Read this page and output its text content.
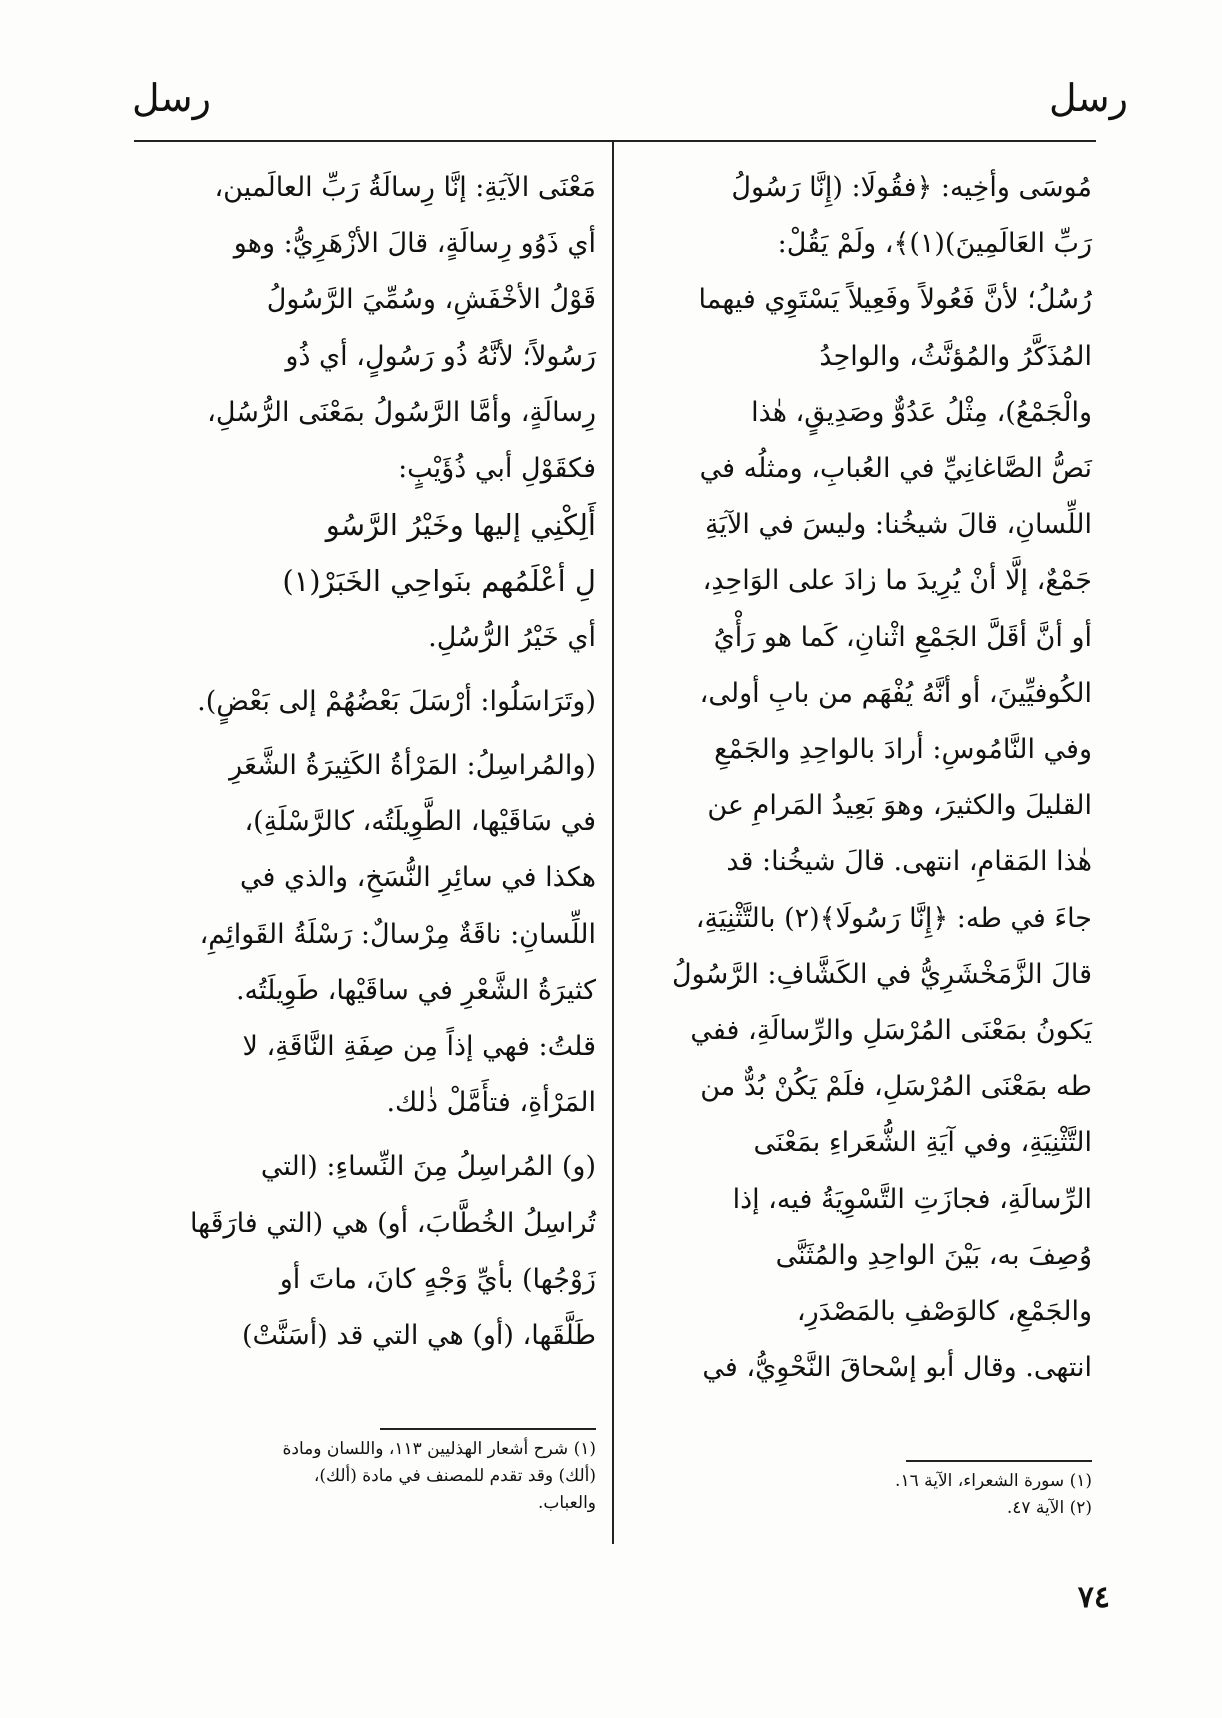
رسل
رسل

مُوسَى وأخِيه: ﴿فقُولَا: (إِنَّا رَسُولُ

رَبِّ العَالَمِينَ)(١)﴾، ولَمْ يَقُلْ:

رُسُلُ؛ لأنَّ فَعُولاً وفَعِيلاً يَسْتَوِي فيهما

المُذَكَّرُ والمُؤنَّثُ، والواحِدُ

والْجَمْعُ)، مِثْلُ عَدُوٌّ وصَدِيقٍ، هٰذا

نَصُّ الصَّاغانِيِّ في العُبابِ، ومثلُه في

اللِّسانِ، قالَ شيخُنا: وليسَ في الآيَةِ

جَمْعٌ، إلَّا أنْ يُرِيدَ ما زادَ على الوَاحِدِ،

أو أنَّ أقَلَّ الجَمْعِ اثْنانِ، كَما هو رَأْيُ

الكُوفيِّينَ، أو أنَّهُ يُفْهَم من بابِ أولى،

وفي النَّامُوسِ: أرادَ بالواحِدِ والجَمْعِ

القليلَ والكثيرَ، وهوَ بَعِيدُ المَرامِ عن

هٰذا المَقامِ، انتهى. قالَ شيخُنا: قد

جاءَ في طه: ﴿إِنَّا رَسُولَا﴾(٢) بالتَّثْنِيَةِ،

قالَ الزَّمَخْشَرِيُّ في الكَشَّافِ: الرَّسُولُ

يَكونُ بمَعْنَى المُرْسَلِ والرِّسالَةِ، ففي

طه بمَعْنَى المُرْسَلِ، فلَمْ يَكُنْ بُدٌّ من

التَّثْنِيَةِ، وفي آيَةِ الشُّعَراءِ بمَعْنَى

الرِّسالَةِ، فجازَتِ التَّسْوِيَةُ فيه، إذا

وُصِفَ به، بَيْنَ الواحِدِ والمُثَنَّى

والجَمْعِ، كالوَصْفِ بالمَصْدَرِ،

انتهى. وقال أبو إسْحاقَ النَّحْوِيُّ، في

مَعْنَى الآيَةِ: إنَّا رِسالَةُ رَبِّ العالَمين،

أي ذَوُو رِسالَةٍ، قالَ الأزْهَرِيُّ: وهو

قَوْلُ الأخْفَشِ، وسُمِّيَ الرَّسُولُ

رَسُولاً؛ لأنَّهُ ذُو رَسُولٍ، أي ذُو

رِسالَةٍ، وأمَّا الرَّسُولُ بمَعْنَى الرُّسُلِ،

فكقَوْلِ أبي ذُؤَيْبٍ:

أَلِكْنِي إليها وخَيْرُ الرَّسُو

لِ أعْلَمُهم بنَواحِي الخَبَرْ(١)

أي خَيْرُ الرُّسُلِ.

(وتَرَاسَلُوا: أرْسَلَ بَعْضُهُمْ إلى بَعْضٍ).

(والمُراسِلُ: المَرْأةُ الكَثِيرَةُ الشَّعَرِ

في سَاقَيْها، الطَّوِيلَتُه، كالرَّسْلَةِ)،

هكذا في سائِرِ النُّسَخِ، والذي في

اللِّسانِ: ناقَةٌ مِرْسالٌ: رَسْلَةُ القَوائِمِ،

كثيرَةُ الشَّعْرِ في ساقَيْها، طَوِيلَتُه.

قلتُ: فهي إذاً مِن صِفَةِ النَّاقَةِ، لا

المَرْأةِ، فتأَمَّلْ ذٰلك.

(و) المُراسِلُ مِنَ النِّساءِ: (التي

تُراسِلُ الخُطَّابَ، أو) هي (التي فارَقَها

زَوْجُها) بأيِّ وَجْهٍ كانَ، ماتَ أو

طَلَّقَها، (أو) هي التي قد (أسَنَّتْ)

(١) سورة الشعراء، الآية ١٦.

(٢) الآية ٤٧.

(١) شرح أشعار الهذليين ١١٣، واللسان ومادة

(ألك) وقد تقدم للمصنف في مادة (ألك)،

والعباب.

٧٤
